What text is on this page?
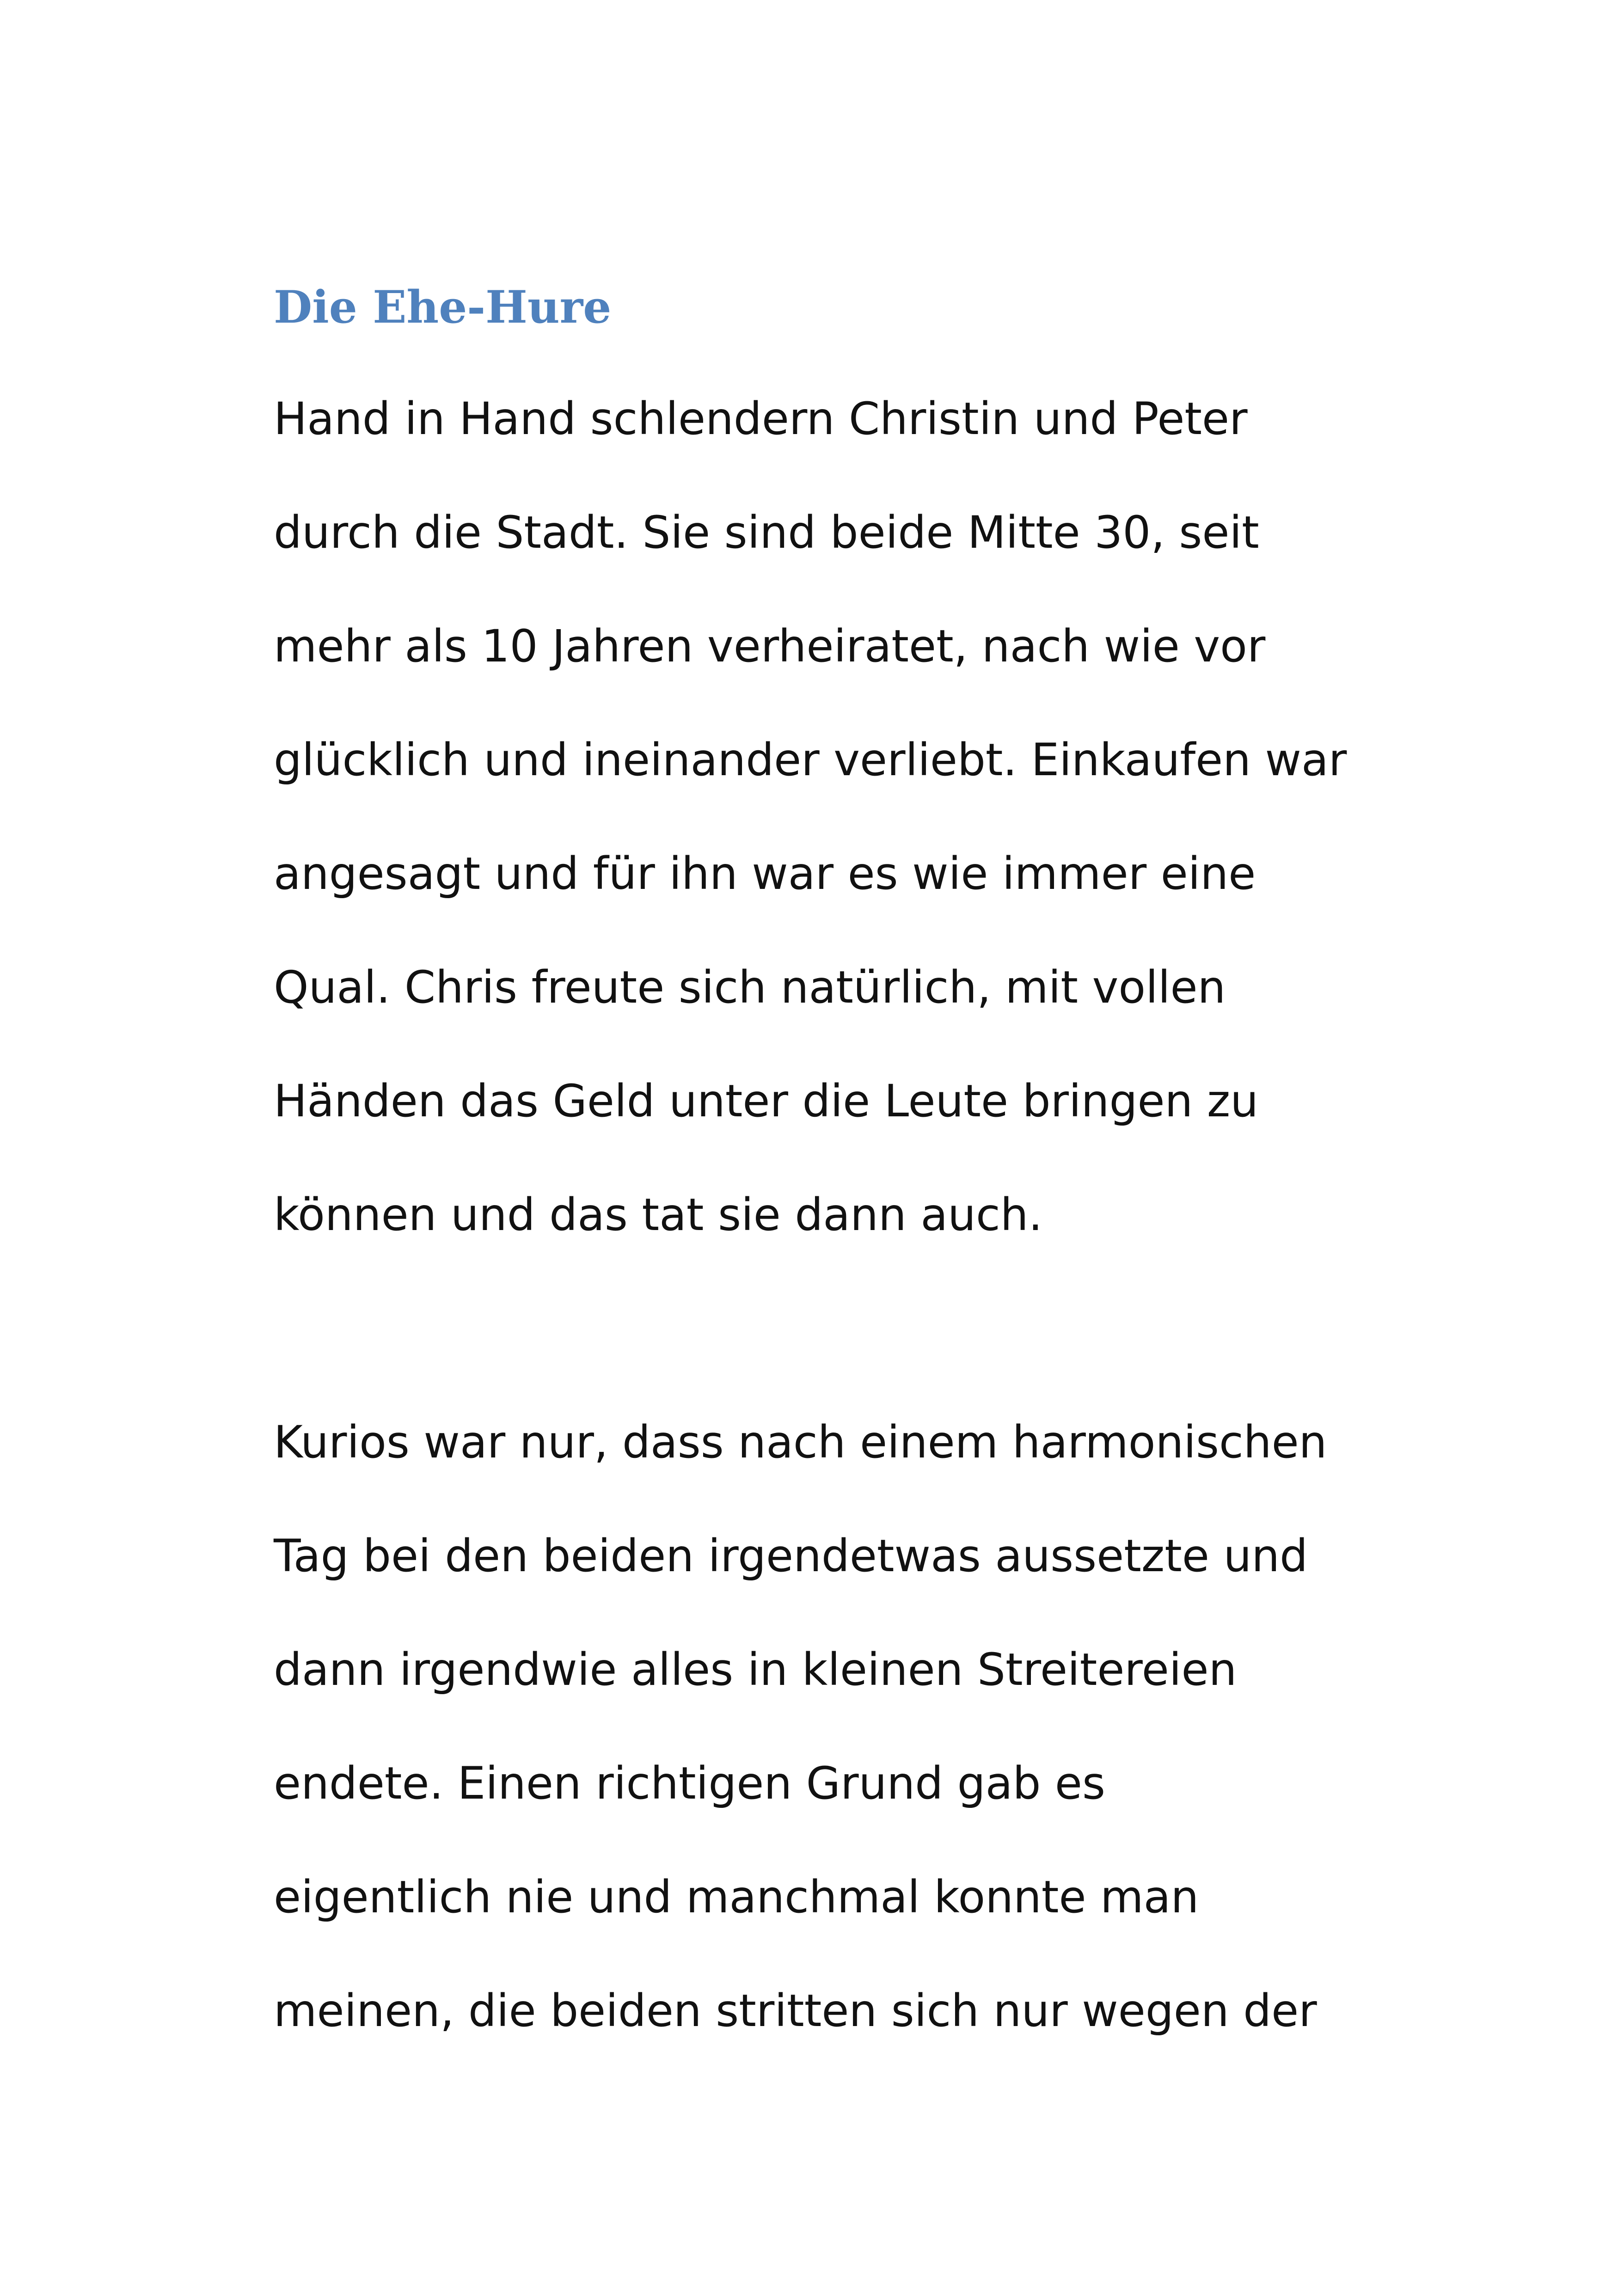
Die Ehe-Hure

Hand in Hand schlendern Christin und Peter

durch die Stadt. Sie sind beide Mitte 30, seit

mehr als 10 Jahren verheiratet, nach wie vor

glücklich und ineinander verliebt. Einkaufen war

angesagt und für ihn war es wie immer eine

Qual. Chris freute sich natürlich, mit vollen

Händen das Geld unter die Leute bringen zu

können und das tat sie dann auch.

Kurios war nur, dass nach einem harmonischen

Tag bei den beiden irgendetwas aussetzte und

dann irgendwie alles in kleinen Streitereien

endete. Einen richtigen Grund gab es

eigentlich nie und manchmal konnte man

meinen, die beiden stritten sich nur wegen der
